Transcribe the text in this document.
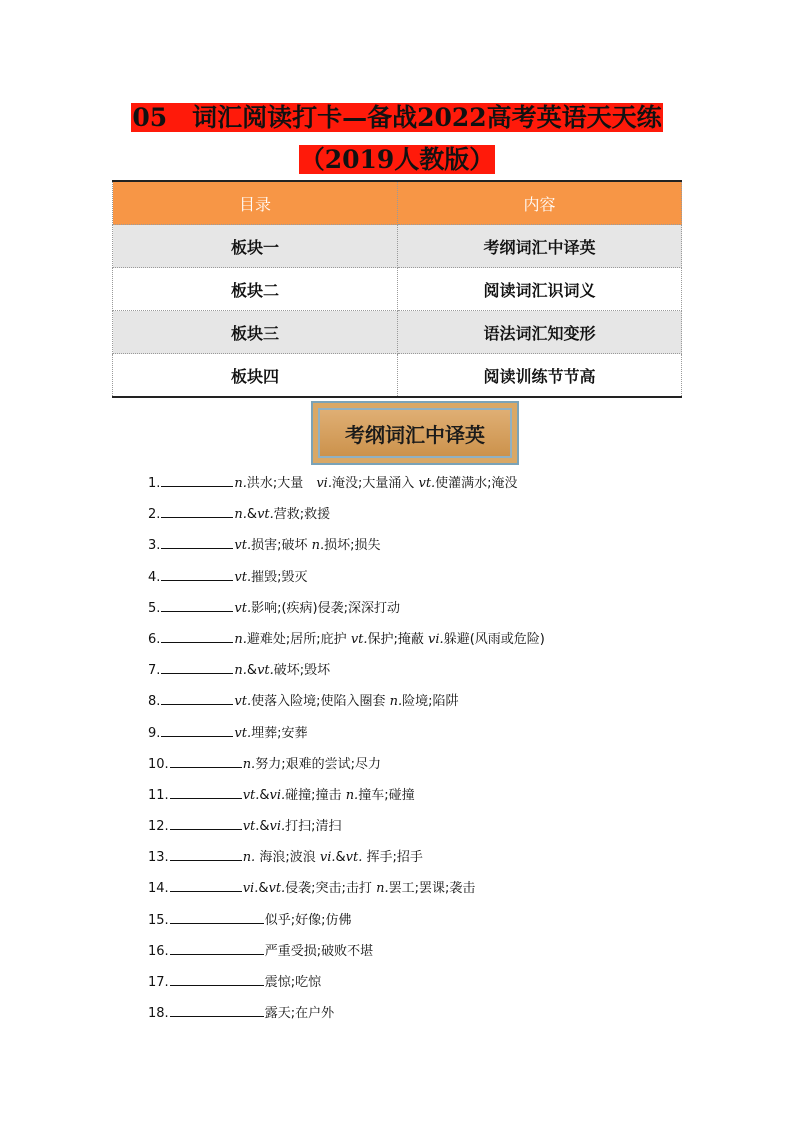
05　词汇阅读打卡—备战2022高考英语天天练
（2019人教版）
目录	内容
板块一	考纲词汇中译英
板块二	阅读词汇识词义
板块三	语法词汇知变形
板块四	阅读训练节节高
考纲词汇中译英
1.	n.洪水;大量　vi.淹没;大量涌入 vt.使灌满水;淹没
2.	n.&vt.营救;救援
3.	vt.损害;破坏 n.损坏;损失
4.	vt.摧毁;毁灭
5.	vt.影响;(疾病)侵袭;深深打动
6.	n.避难处;居所;庇护 vt.保护;掩蔽 vi.躲避(风雨或危险)
7.	n.&vt.破坏;毁坏
8.	vt.使落入险境;使陷入圈套 n.险境;陷阱
9.	vt.埋葬;安葬
10.	n.努力;艰难的尝试;尽力
11.	vt.&vi.碰撞;撞击 n.撞车;碰撞
12.	vt.&vi.打扫;清扫
13.	n. 海浪;波浪 vi.&vt. 挥手;招手
14.	vi.&vt.侵袭;突击;击打 n.罢工;罢课;袭击
15.	似乎;好像;仿佛
16.	严重受损;破败不堪
17.	震惊;吃惊
18.	露天;在户外
